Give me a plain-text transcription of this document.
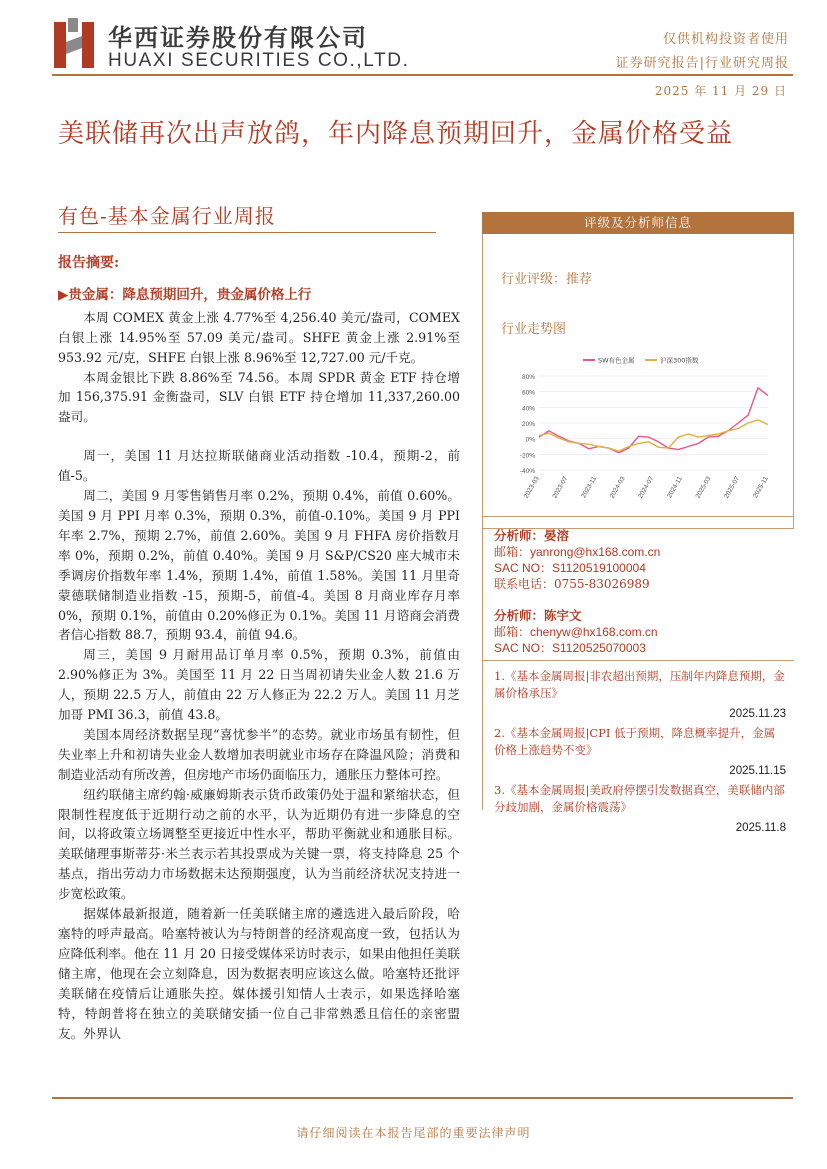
华西证券股份有限公司
HUAXI SECURITIES CO.,LTD.
仅供机构投资者使用
证券研究报告|行业研究周报
2025 年 11 月 29 日
美联储再次出声放鸽，年内降息预期回升，金属价格受益
有色-基本金属行业周报
报告摘要:
▶贵金属：降息预期回升，贵金属价格上行

本周 COMEX 黄金上涨 4.77%至 4,256.40 美元/盎司，COMEX 白银上涨 14.95%至 57.09 美元/盎司。SHFE 黄金上涨 2.91%至 953.92 元/克，SHFE 白银上涨 8.96%至 12,727.00 元/千克。

本周金银比下跌 8.86%至 74.56。本周 SPDR 黄金 ETF 持仓增加 156,375.91 金衡盎司，SLV 白银 ETF 持仓增加 11,337,260.00 盎司。

周一，美国 11 月达拉斯联储商业活动指数 -10.4，预期-2，前值-5。

周二，美国 9 月零售销售月率 0.2%，预期 0.4%，前值 0.60%。美国 9 月 PPI 月率 0.3%，预期 0.3%，前值-0.10%。美国 9 月 PPI 年率 2.7%，预期 2.7%，前值 2.60%。美国 9 月 FHFA 房价指数月率 0%，预期 0.2%，前值 0.40%。美国 9 月 S&P/CS20 座大城市未季调房价指数年率 1.4%，预期 1.4%，前值 1.58%。美国 11 月里奇蒙德联储制造业指数 -15，预期-5，前值-4。美国 8 月商业库存月率 0%，预期 0.1%，前值由 0.20%修正为 0.1%。美国 11 月谘商会消费者信心指数 88.7，预期 93.4，前值 94.6。

周三，美国 9 月耐用品订单月率 0.5%，预期 0.3%，前值由 2.90%修正为 3%。美国至 11 月 22 日当周初请失业金人数 21.6 万人，预期 22.5 万人，前值由 22 万人修正为 22.2 万人。美国 11 月芝加哥 PMI 36.3，前值 43.8。

美国本周经济数据呈现“喜忧参半”的态势。就业市场虽有韧性，但失业率上升和初请失业金人数增加表明就业市场存在降温风险；消费和制造业活动有所改善，但房地产市场仍面临压力，通胀压力整体可控。

纽约联储主席约翰·威廉姆斯表示货币政策仍处于温和紧缩状态，但限制性程度低于近期行动之前的水平，认为近期仍有进一步降息的空间，以将政策立场调整至更接近中性水平，帮助平衡就业和通胀目标。美联储理事斯蒂芬·米兰表示若其投票成为关键一票，将支持降息 25 个基点，指出劳动力市场数据未达预期强度，认为当前经济状况支持进一步宽松政策。

据媒体最新报道，随着新一任美联储主席的遴选进入最后阶段，哈塞特的呼声最高。哈塞特被认为与特朗普的经济观高度一致，包括认为应降低利率。他在 11 月 20 日接受媒体采访时表示，如果由他担任美联储主席，他现在会立刻降息，因为数据表明应该这么做。哈塞特还批评美联储在疫情后让通胀失控。媒体援引知情人士表示，如果选择哈塞特，特朗普将在独立的美联储安插一位自己非常熟悉且信任的亲密盟友。外界认

评级及分析师信息
行业评级：推荐
行业走势图
80%
60%
40%
20%
0%
-20%
-40%
2023-03 2023-07 2023-11 2024-03 2024-07 2024-11 2025-03 2025-07 2025-11
SW有色金属	沪深300指数
分析师：晏溶
邮箱：yanrong@hx168.com.cn
SAC NO：S1120519100004
联系电话：0755-83026989
分析师：陈宇文
邮箱：chenyw@hx168.com.cn
SAC NO：S1120525070003
1.《基本金属周报|非农超出预期，压制年内降息预期，金属价格承压》
2025.11.23
2.《基本金属周报|CPI 低于预期，降息概率提升，金属价格上涨趋势不变》
2025.11.15
3.《基本金属周报|美政府停摆引发数据真空，美联储内部分歧加剧，金属价格震荡》
2025.11.8
请仔细阅读在本报告尾部的重要法律声明
